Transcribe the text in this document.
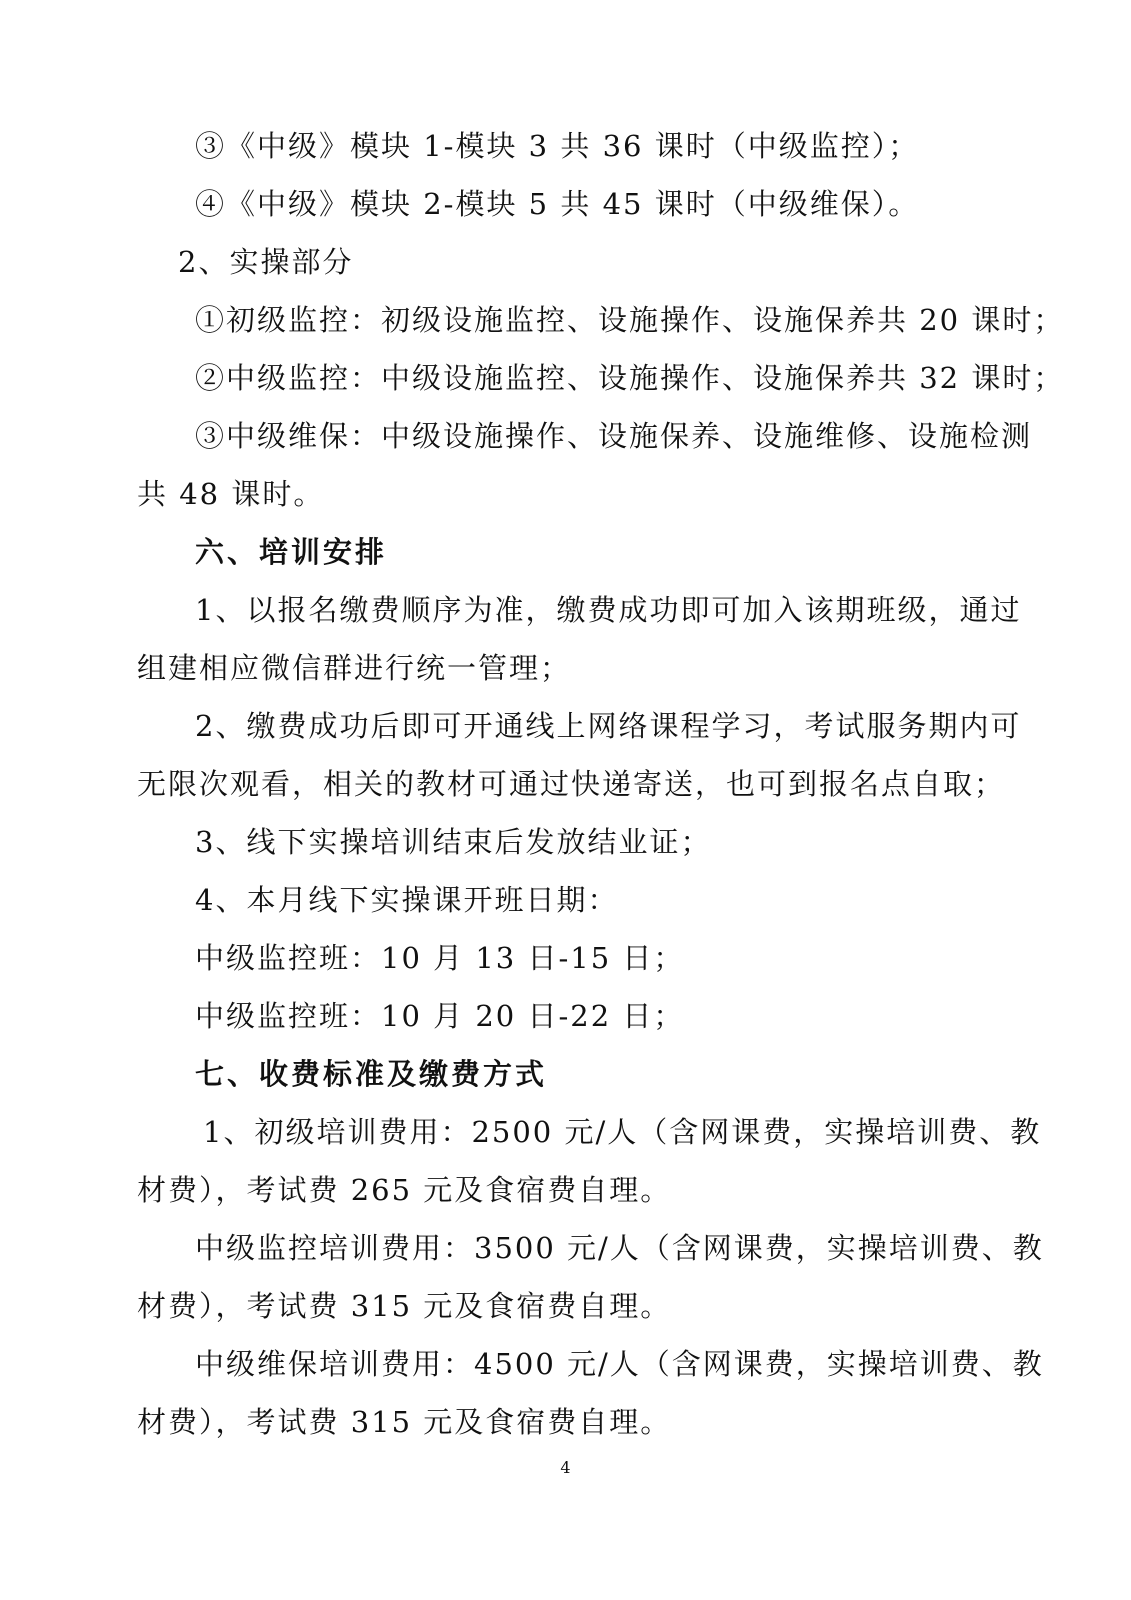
③《中级》模块 1-模块 3 共 36 课时（中级监控）；
④《中级》模块 2-模块 5 共 45 课时（中级维保）。
2、实操部分
①初级监控：初级设施监控、设施操作、设施保养共 20 课时；
②中级监控：中级设施监控、设施操作、设施保养共 32 课时；
③中级维保：中级设施操作、设施保养、设施维修、设施检测
共 48 课时。
六、培训安排
1、以报名缴费顺序为准，缴费成功即可加入该期班级，通过
组建相应微信群进行统一管理；
2、缴费成功后即可开通线上网络课程学习，考试服务期内可
无限次观看，相关的教材可通过快递寄送，也可到报名点自取；
3、线下实操培训结束后发放结业证；
4、本月线下实操课开班日期：
中级监控班：10 月 13 日-15 日；
中级监控班：10 月 20 日-22 日；
七、收费标准及缴费方式
1、初级培训费用：2500 元/人（含网课费，实操培训费、教
材费），考试费 265 元及食宿费自理。
中级监控培训费用：3500 元/人（含网课费，实操培训费、教
材费），考试费 315 元及食宿费自理。
中级维保培训费用：4500 元/人（含网课费，实操培训费、教
材费），考试费 315 元及食宿费自理。
4
